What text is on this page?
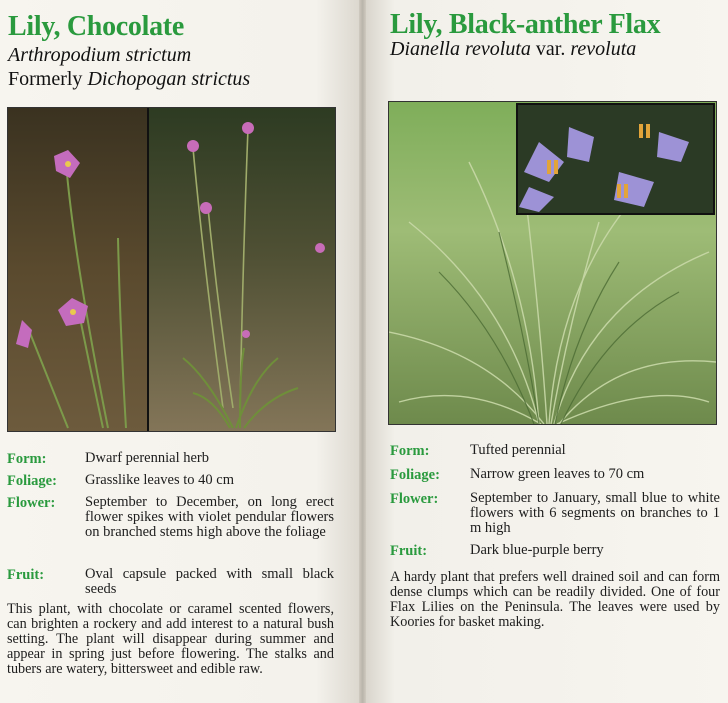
Lily, Chocolate

Arthropodium strictum

Formerly Dichopogan strictus

Form:	Dwarf perennial herb
Foliage:	Grasslike leaves to 40 cm
Flower:	September to December, on long erect flower spikes with violet pendular flowers on branched stems high above the foliage
Fruit:	Oval capsule packed with small black seeds

This plant, with chocolate or caramel scented flowers, can brighten a rockery and add interest to a natural bush setting. The plant will disappear during summer and appear in spring just before flowering. The stalks and tubers are watery, bittersweet and edible raw.

Lily, Black-anther Flax

Dianella revoluta var. revoluta

Form:	Tufted perennial
Foliage:	Narrow green leaves to 70 cm
Flower:	September to January, small blue to white flowers with 6 segments on branches to 1 m high
Fruit:	Dark blue-purple berry

A hardy plant that prefers well drained soil and can form dense clumps which can be readily divided. One of four Flax Lilies on the Peninsula. The leaves were used by Koories for basket making.
